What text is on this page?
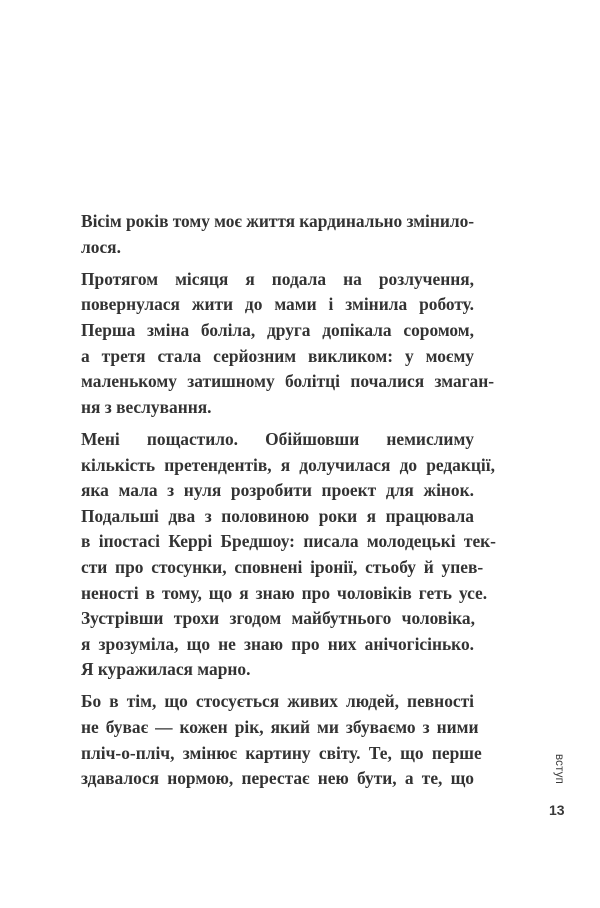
Вісім років тому моє життя кардинально змінило-
лося.
Протягом місяця я подала на розлучення,
повернулася жити до мами і змінила роботу.
Перша зміна боліла, друга допікала соромом,
а третя стала серйозним викликом: у моєму
маленькому затишному болітці почалися змаган-
ня з веслування.
Мені пощастило. Обійшовши немислиму
кількість претендентів, я долучилася до редакції,
яка мала з нуля розробити проект для жінок.
Подальші два з половиною роки я працювала
в іпостасі Керрі Бредшоу: писала молодецькі тек-
сти про стосунки, сповнені іронії, стьобу й упев-
неності в тому, що я знаю про чоловіків геть усе.
Зустрівши трохи згодом майбутнього чоловіка,
я зрозуміла, що не знаю про них анічогісінько.
Я куражилася марно.
Бо в тім, що стосується живих людей, певності
не буває — кожен рік, який ми збуваємо з ними
пліч-о-пліч, змінює картину світу. Те, що перше
здавалося нормою, перестає нею бути, а те, що	вступ
13
